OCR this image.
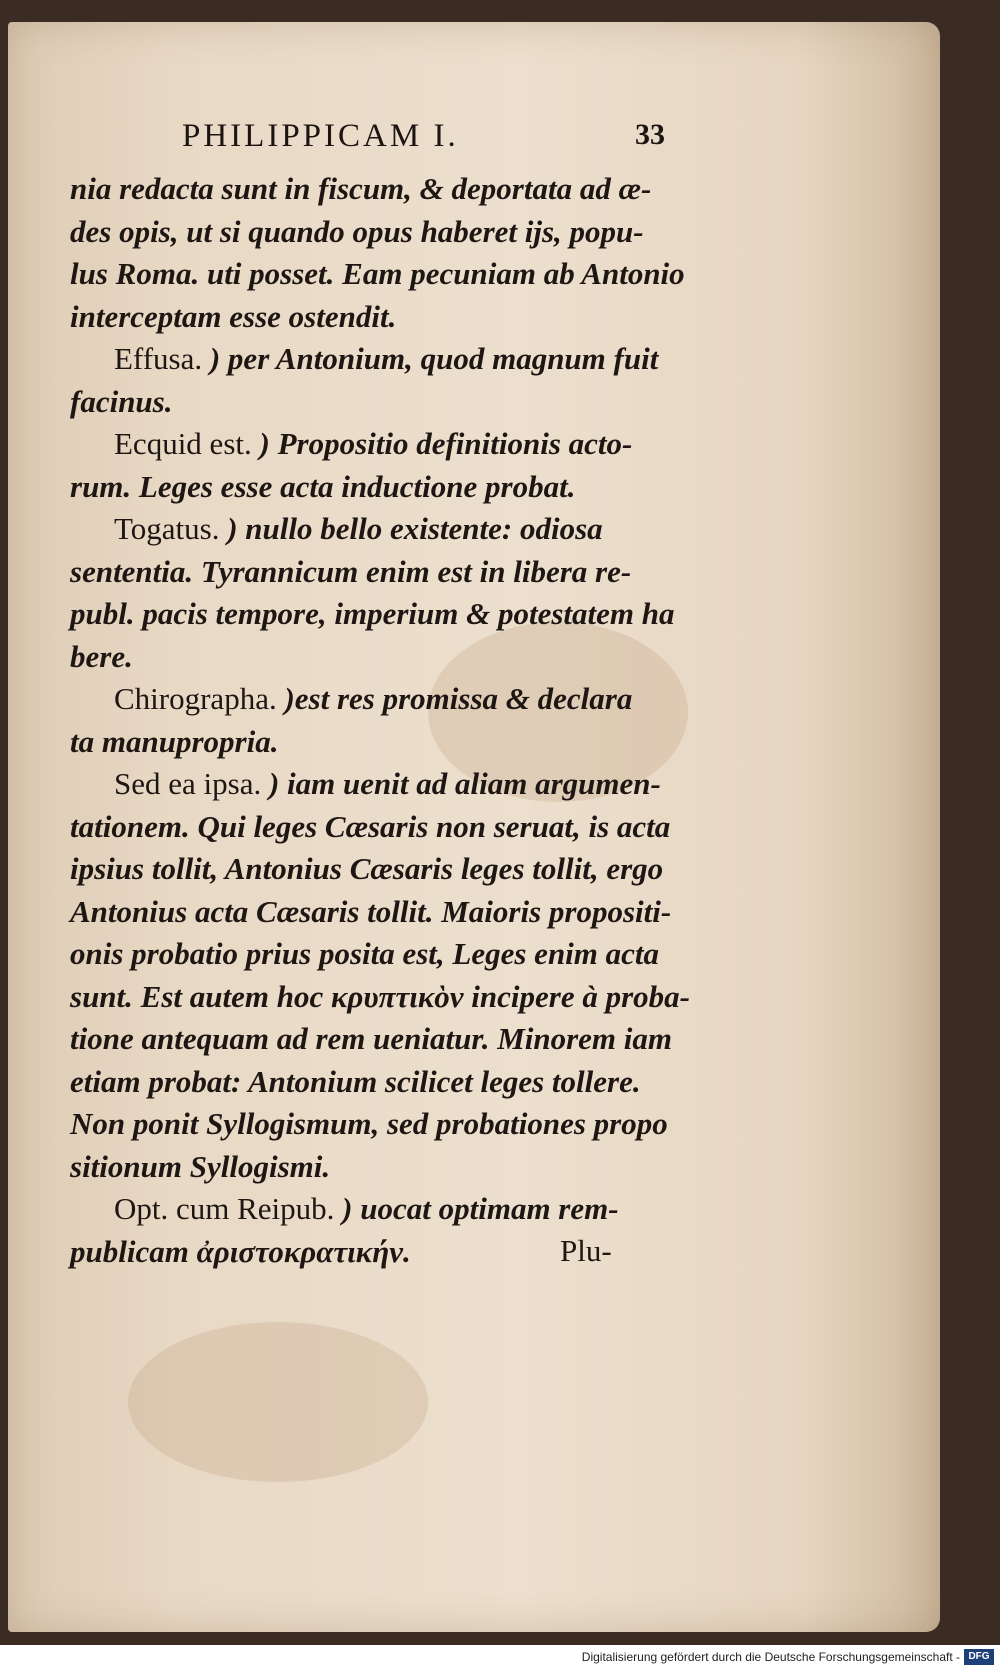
PHILIPPICAM I.	33
nia redacta sunt in fiscum, & deportata ad æ-
des opis, ut si quando opus haberet ijs, popu-
lus Roma. uti posset. Eam pecuniam ab Antonio
interceptam esse ostendit.
Effusa. ) per Antonium, quod magnum fuit
facinus.
Ecquid est. ) Propositio definitionis acto-
rum. Leges esse acta inductione probat.
Togatus. ) nullo bello existente: odiosa
sententia. Tyrannicum enim est in libera re-
publ. pacis tempore, imperium & potestatem ha
bere.
Chirographa. )est res promissa & declara
ta manupropria.
Sed ea ipsa. ) iam uenit ad aliam argumen-
tationem. Qui leges Cæsaris non seruat, is acta
ipsius tollit, Antonius Cæsaris leges tollit, ergo
Antonius acta Cæsaris tollit. Maioris propositi-
onis probatio prius posita est, Leges enim acta
sunt. Est autem hoc κρυπτικὸν incipere à proba-
tione antequam ad rem ueniatur. Minorem iam
etiam probat: Antonium scilicet leges tollere.
Non ponit Syllogismum, sed probationes propo
sitionum Syllogismi.
Opt. cum Reipub. ) uocat optimam rem-
publicam ἀριστοκρατικήν.	Plu-
Digitalisierung gefördert durch die Deutsche Forschungsgemeinschaft - DFG
